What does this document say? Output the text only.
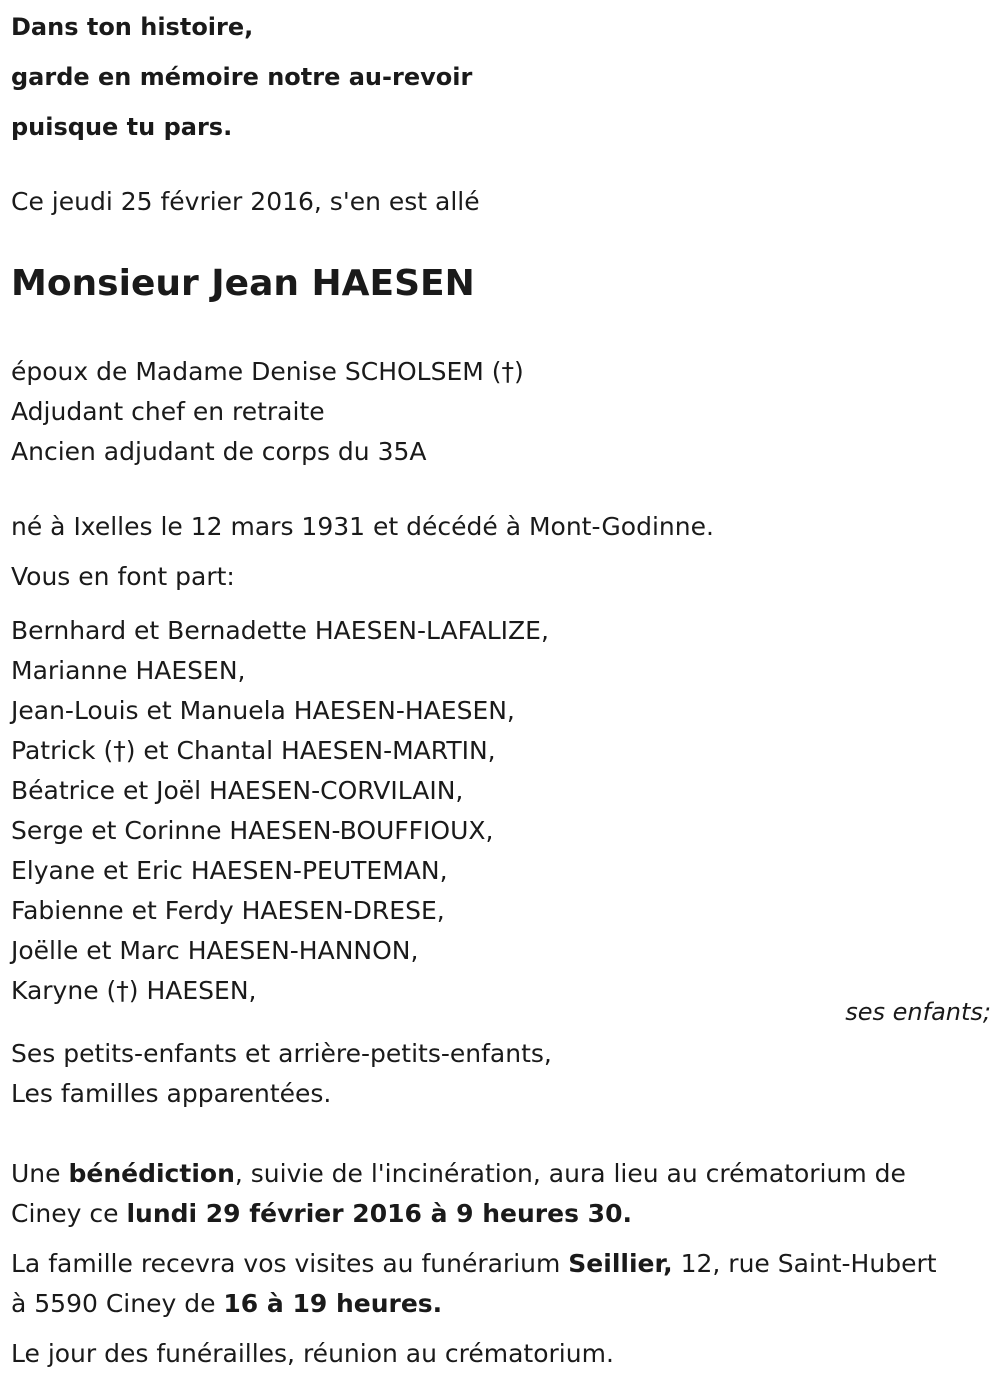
Dans ton histoire,

garde en mémoire notre au-revoir

puisque tu pars.

Ce jeudi 25 février 2016, s'en est allé
Monsieur Jean HAESEN
époux de Madame Denise SCHOLSEM (†)
Adjudant chef en retraite
Ancien adjudant de corps du 35A
né à Ixelles le 12 mars 1931 et décédé à Mont-Godinne.
Vous en font part:
Bernhard et Bernadette HAESEN-LAFALIZE,
Marianne HAESEN,
Jean-Louis et Manuela HAESEN-HAESEN,
Patrick (†) et Chantal HAESEN-MARTIN,
Béatrice et Joël HAESEN-CORVILAIN,
Serge et Corinne HAESEN-BOUFFIOUX,
Elyane et Eric HAESEN-PEUTEMAN,
Fabienne et Ferdy HAESEN-DRESE,
Joëlle et Marc HAESEN-HANNON,
Karyne (†) HAESEN,
ses enfants;
Ses petits-enfants et arrière-petits-enfants,
Les familles apparentées.
Une bénédiction, suivie de l'incinération, aura lieu au crématorium de
Ciney ce lundi 29 février 2016 à 9 heures 30.
La famille recevra vos visites au funérarium Seillier, 12, rue Saint-Hubert
à 5590 Ciney de 16 à 19 heures.
Le jour des funérailles, réunion au crématorium.
